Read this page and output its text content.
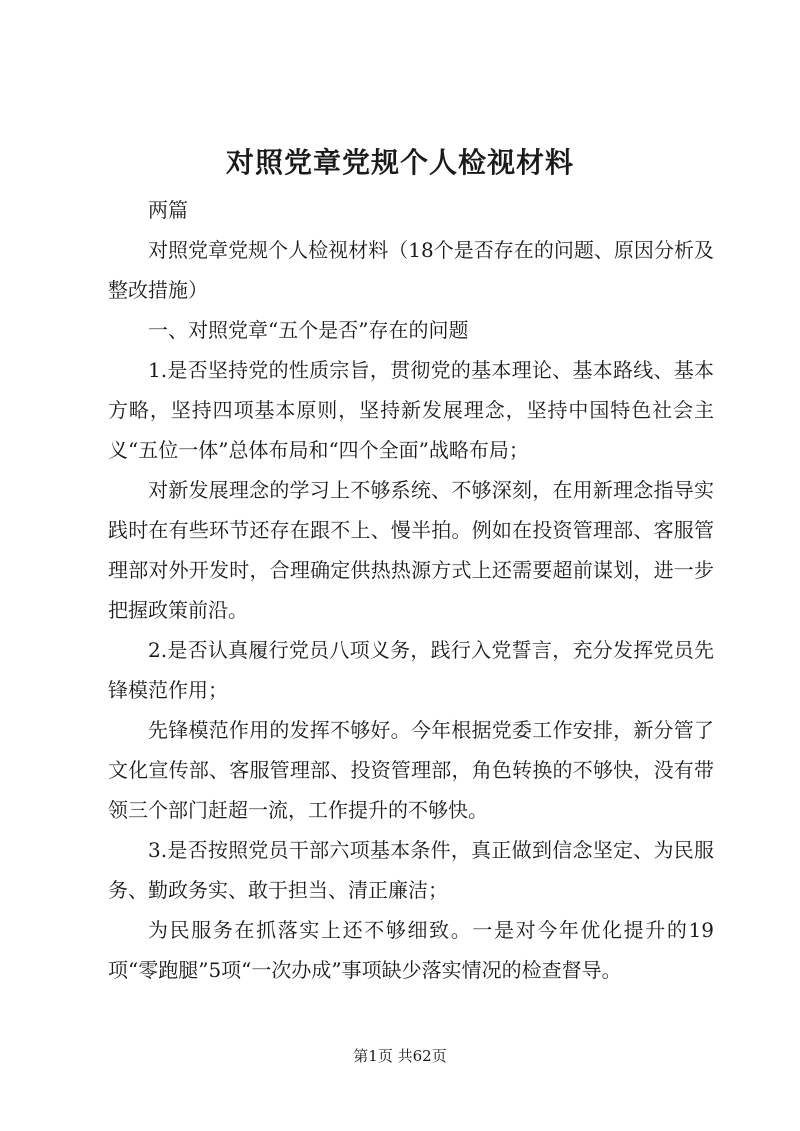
对照党章党规个人检视材料

两篇

对照党章党规个人检视材料（18个是否存在的问题、原因分析及整改措施）

一、对照党章“五个是否”存在的问题

1.是否坚持党的性质宗旨，贯彻党的基本理论、基本路线、基本方略，坚持四项基本原则，坚持新发展理念，坚持中国特色社会主义“五位一体”总体布局和“四个全面”战略布局；

对新发展理念的学习上不够系统、不够深刻，在用新理念指导实践时在有些环节还存在跟不上、慢半拍。例如在投资管理部、客服管理部对外开发时，合理确定供热热源方式上还需要超前谋划，进一步把握政策前沿。

2.是否认真履行党员八项义务，践行入党誓言，充分发挥党员先锋模范作用；

先锋模范作用的发挥不够好。今年根据党委工作安排，新分管了文化宣传部、客服管理部、投资管理部，角色转换的不够快，没有带领三个部门赶超一流，工作提升的不够快。

3.是否按照党员干部六项基本条件，真正做到信念坚定、为民服务、勤政务实、敢于担当、清正廉洁；

为民服务在抓落实上还不够细致。一是对今年优化提升的19项“零跑腿”5项“一次办成”事项缺少落实情况的检查督导。

第1页 共62页
